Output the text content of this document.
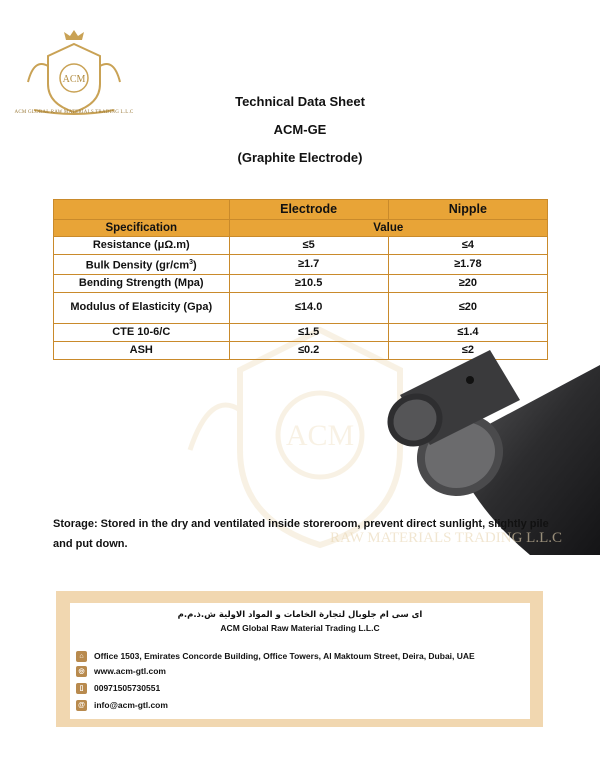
ACM
ACM
ACM GLOBAL RAW MATERIALS TRADING L.L.C
Technical Data Sheet
ACM-GE
(Graphite Electrode)
	Electrode	Nipple
Specification	Value	
Resistance (μΩ.m)	≤5	≤4
Bulk Density $(gr/cm^3)$	≥1.7	≥1.78
Bending Strength (Mpa)	≥10.5	≥20
Modulus of Elasticity (Gpa)	≤14.0	≤20
CTE 10-6/C	≤1.5	≤1.4
ASH	≤0.2	≤2
RAW MATERIALS TRADING L.L.C
Storage: Stored in the dry and ventilated inside storeroom, prevent direct sunlight, slightly pile and put down.
ای سی ام جلوبال لتجارة الخامات و المواد الاولیة ش.ذ.م.م
ACM Global Raw Material Trading L.L.C
⌂	Office 1503, Emirates Concorde Building, Office Towers, Al Maktoum Street, Deira, Dubai, UAE
◎ www.acm-gtl.com
▯	00971505730551
@ info@acm-gtl.com
